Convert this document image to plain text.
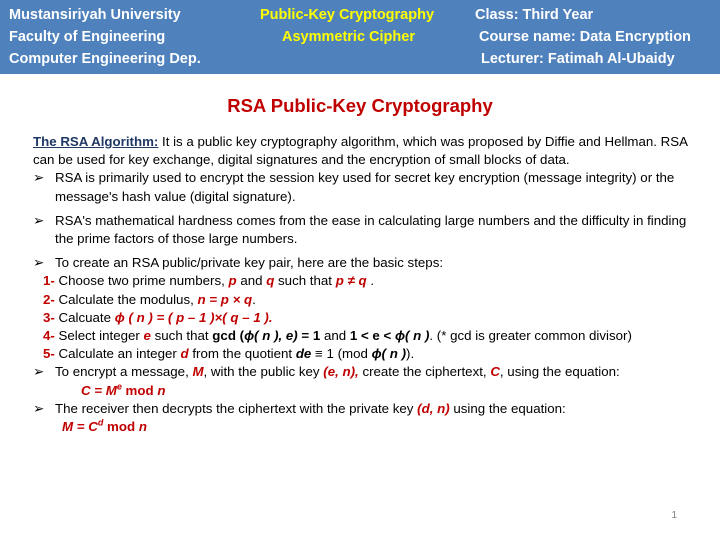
Mustansiriyah University
Faculty of Engineering
Computer Engineering Dep.
Public-Key Cryptography
Asymmetric Cipher
Class: Third Year
Course name: Data Encryption
Lecturer: Fatimah Al-Ubaidy
RSA Public-Key Cryptography

The RSA Algorithm: It is a public key cryptography algorithm, which was proposed by Diffie and Hellman. RSA can be used for key exchange, digital signatures and the encryption of small blocks of data.

➢ RSA is primarily used to encrypt the session key used for secret key encryption (message integrity) or the message's hash value (digital signature).
➢ RSA's mathematical hardness comes from the ease in calculating large numbers and the difficulty in finding the prime factors of those large numbers.
➢ To create an RSA public/private key pair, here are the basic steps:
1- Choose two prime numbers, p and q such that p ≠ q .
2- Calculate the modulus, n = p × q.
3- Calcuate ϕ ( n ) = ( p – 1 )×( q – 1 ).
4- Select integer e such that gcd (ϕ( n ), e) = 1 and 1 < e < ϕ( n ). (* gcd is greater common divisor)
5- Calculate an integer d from the quotient de ≡ 1 (mod ϕ( n )).
➢ To encrypt a message, M, with the public key (e, n), create the ciphertext, C, using the equation:
$C = M^e$ mod n
➢ The receiver then decrypts the ciphertext with the private key (d, n) using the equation:
$M = C^d$ mod n
1
